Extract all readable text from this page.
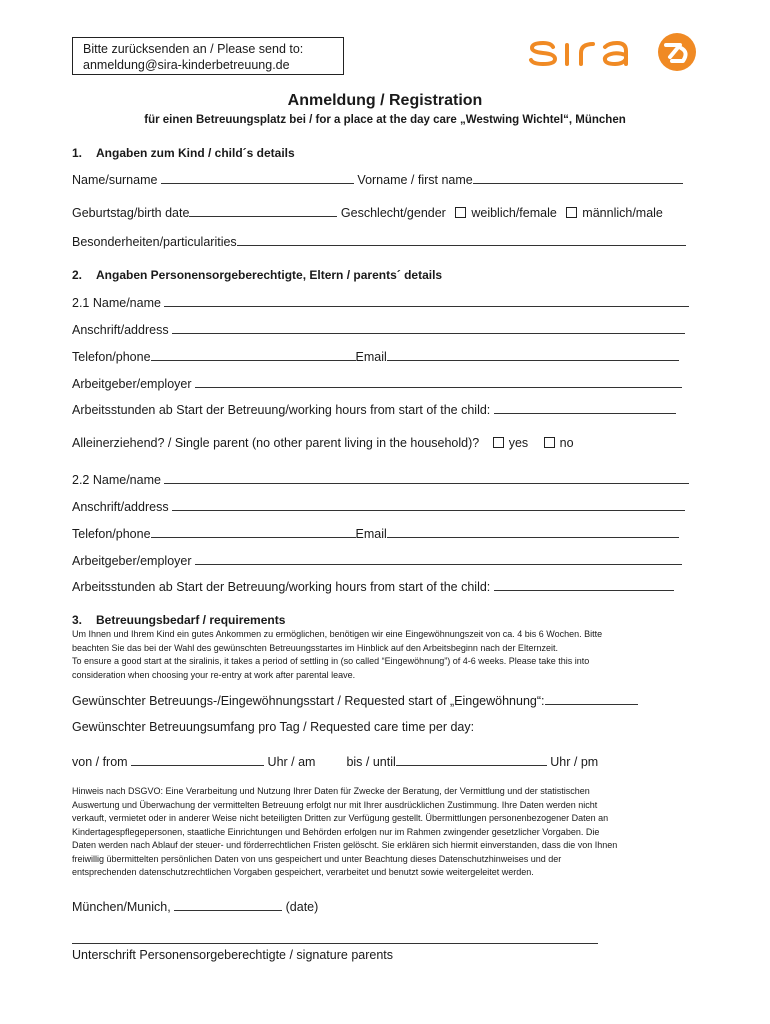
Bitte zurücksenden an / Please send to:
anmeldung@sira-kinderbetreuung.de
Anmeldung / Registration
für einen Betreuungsplatz bei / for a place at the day care „Westwing Wichtel“, München
1. Angaben zum Kind / child´s details
Name/surname	Vorname / first name
Geburtstag/birth date	Geschlecht/gender weiblich/female männlich/male
Besonderheiten/particularities
2. Angaben Personensorgeberechtigte, Eltern / parents´ details
2.1 Name/name
Anschrift/address
Telefon/phone	Email
Arbeitgeber/employer
Arbeitsstunden ab Start der Betreuung/working hours from start of the child:
Alleinerziehend? / Single parent (no other parent living in the household)? yes	no
2.2 Name/name
Anschrift/address
Telefon/phone	Email
Arbeitgeber/employer
Arbeitsstunden ab Start der Betreuung/working hours from start of the child:
3. Betreuungsbedarf / requirements
Um Ihnen und Ihrem Kind ein gutes Ankommen zu ermöglichen, benötigen wir eine Eingewöhnungszeit von ca. 4 bis 6 Wochen. Bitte
beachten Sie das bei der Wahl des gewünschten Betreuungsstartes im Hinblick auf den Arbeitsbeginn nach der Elternzeit.
To ensure a good start at the siralinis, it takes a period of settling in (so called “Eingewöhnung”) of 4-6 weeks. Please take this into
consideration when choosing your re-entry at work after parental leave.
Gewünschter Betreuungs-/Eingewöhnungsstart / Requested start of „Eingewöhnung“:
Gewünschter Betreuungsumfang pro Tag / Requested care time per day:
von / from	Uhr / am bis / until	Uhr / pm
Hinweis nach DSGVO: Eine Verarbeitung und Nutzung Ihrer Daten für Zwecke der Beratung, der Vermittlung und der statistischen
Auswertung und Überwachung der vermittelten Betreuung erfolgt nur mit Ihrer ausdrücklichen Zustimmung. Ihre Daten werden nicht
verkauft, vermietet oder in anderer Weise nicht beteiligten Dritten zur Verfügung gestellt. Übermittlungen personenbezogener Daten an
Kindertagespflegepersonen, staatliche Einrichtungen und Behörden erfolgen nur im Rahmen zwingender gesetzlicher Vorgaben. Die
Daten werden nach Ablauf der steuer- und förderrechtlichen Fristen gelöscht. Sie erklären sich hiermit einverstanden, dass die von Ihnen
freiwillig übermittelten persönlichen Daten von uns gespeichert und unter Beachtung dieses Datenschutzhinweises und der
entsprechenden datenschutzrechtlichen Vorgaben gespeichert, verarbeitet und benutzt sowie weitergeleitet werden.
München/Munich,	(date)
Unterschrift Personensorgeberechtigte / signature parents
